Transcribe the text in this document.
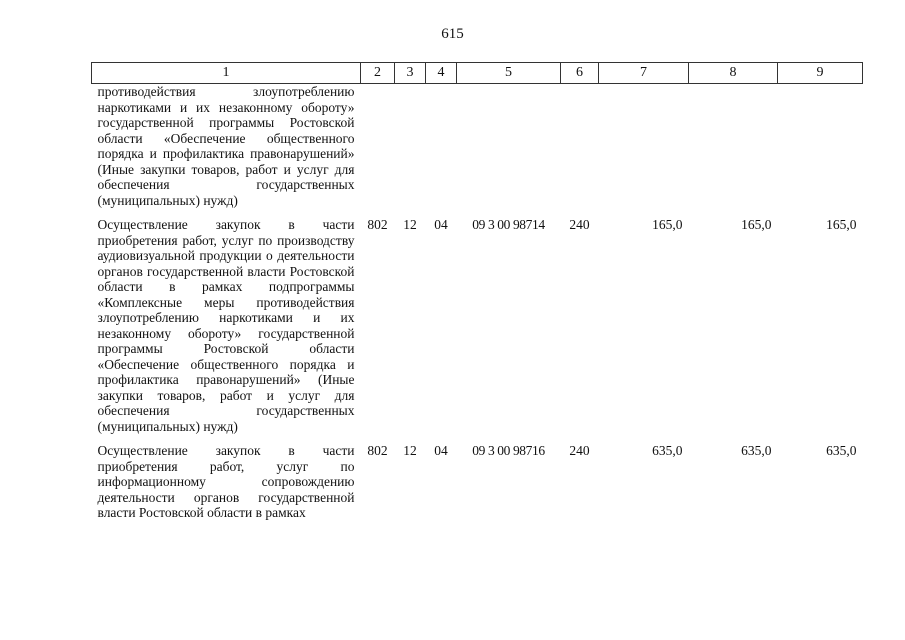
615
1	2	3	4	5	6	7	8	9
противодействия злоупотреблению наркотиками и их незаконному обороту» государственной программы Ростовской области «Обеспечение общественного порядка и профилактика правонарушений» (Иные закупки товаров, работ и услуг для обеспечения государственных (муниципальных) нужд)								
Осуществление закупок в части приобретения работ, услуг по производству аудиовизуальной продукции о деятельности органов государственной власти Ростовской области в рамках подпрограммы «Комплексные меры противодействия злоупотреблению наркотиками и их незаконному обороту» государственной программы Ростовской области «Обеспечение общественного порядка и профилактика правонарушений» (Иные закупки товаров, работ и услуг для обеспечения государственных (муниципальных) нужд)	802	12	04	09 3 00 98714	240	165,0	165,0	165,0
Осуществление закупок в части приобретения работ, услуг по информационному сопровождению деятельности органов государственной власти Ростовской области в рамках	802	12	04	09 3 00 98716	240	635,0	635,0	635,0
